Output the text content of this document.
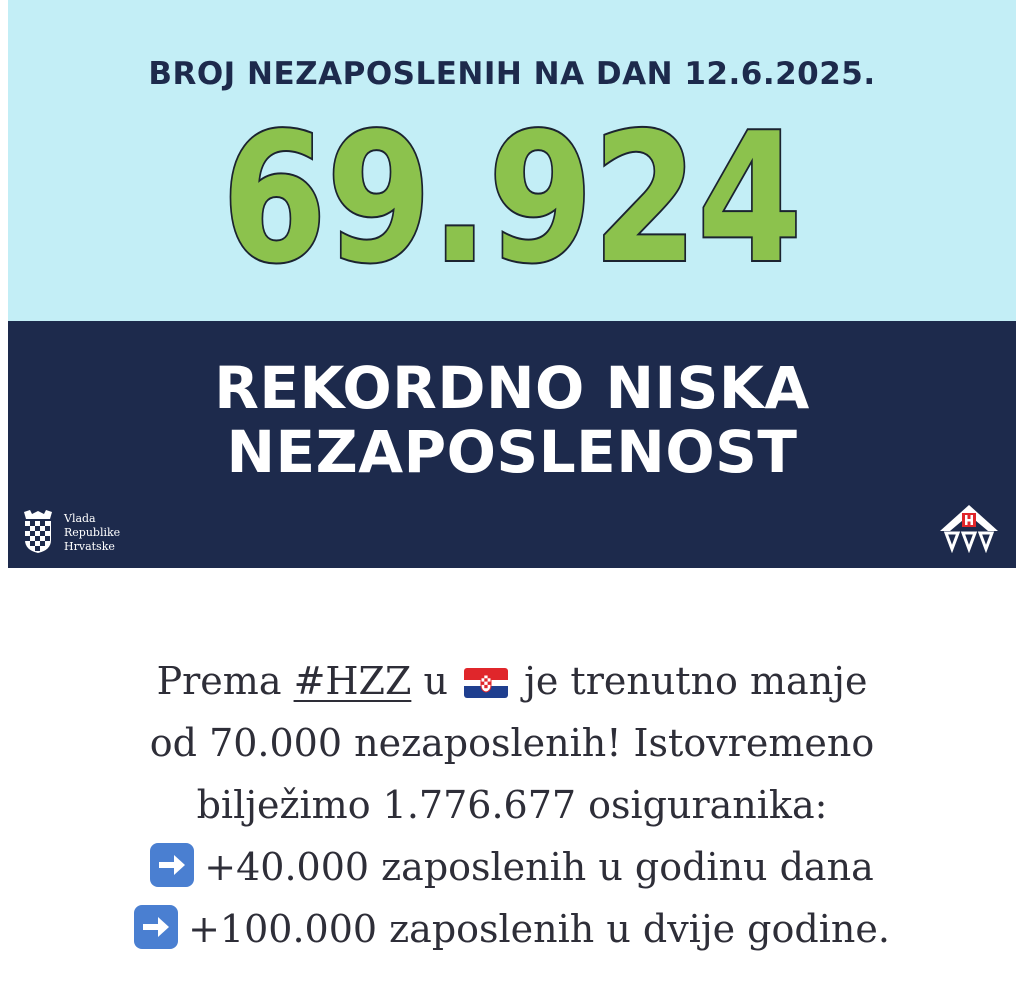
BROJ NEZAPOSLENIH NA DAN 12.6.2025.
69.924
REKORDNO NISKA
NEZAPOSLENOST
Vlada
Republike
Hrvatske
Prema #HZZ u  je trenutno manje
od 70.000 nezaposlenih! Istovremeno
bilježimo 1.776.677 osiguranika:
+40.000 zaposlenih u godinu dana
+100.000 zaposlenih u dvije godine.
